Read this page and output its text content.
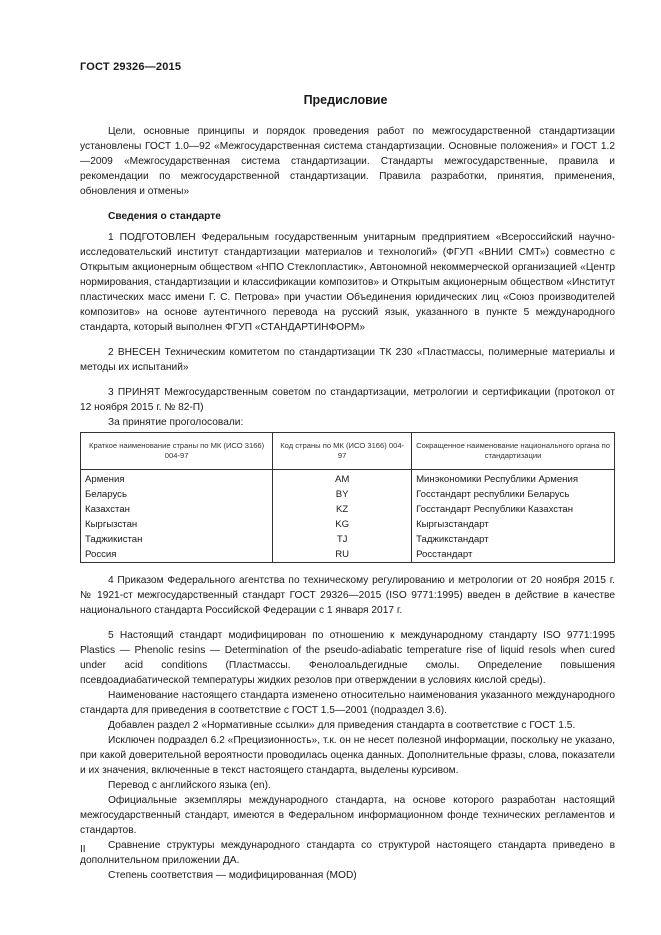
ГОСТ 29326—2015
Предисловие

Цели, основные принципы и порядок проведения работ по межгосударственной стандартизации установлены ГОСТ 1.0—92 «Межгосударственная система стандартизации. Основные положения» и ГОСТ 1.2—2009 «Межгосударственная система стандартизации. Стандарты межгосударственные, правила и рекомендации по межгосударственной стандартизации. Правила разработки, принятия, применения, обновления и отмены»

Сведения о стандарте

1 ПОДГОТОВЛЕН Федеральным государственным унитарным предприятием «Всероссийский научно-исследовательский институт стандартизации материалов и технологий» (ФГУП «ВНИИ СМТ») совместно с Открытым акционерным обществом «НПО Стеклопластик», Автономной некоммерческой организацией «Центр нормирования, стандартизации и классификации композитов» и Открытым акционерным обществом «Институт пластических масс имени Г. С. Петрова» при участии Объединения юридических лиц «Союз производителей композитов» на основе аутентичного перевода на русский язык, указанного в пункте 5 международного стандарта, который выполнен ФГУП «СТАНДАРТИНФОРМ»

2 ВНЕСЕН Техническим комитетом по стандартизации ТК 230 «Пластмассы, полимерные материалы и методы их испытаний»

3 ПРИНЯТ Межгосударственным советом по стандартизации, метрологии и сертификации (протокол от 12 ноября 2015 г. № 82-П)

За принятие проголосовали:

Краткое наименование страны по МК (ИСО 3166) 004-97	Код страны по МК (ИСО 3166) 004- 97	Сокращенное наименование национального органа по стандартизации
Армения	AM	Минэкономики Республики Армения
Беларусь	BY	Госстандарт республики Беларусь
Казахстан	KZ	Госстандарт Республики Казахстан
Кыргызстан	KG	Кыргызстандарт
Таджикистан	TJ	Таджикстандарт
Россия	RU	Росстандарт

4 Приказом Федерального агентства по техническому регулированию и метрологии от 20 ноября 2015 г. № 1921-ст межгосударственный стандарт ГОСТ 29326—2015 (ISO 9771:1995) введен в действие в качестве национального стандарта Российской Федерации с 1 января 2017 г.

5 Настоящий стандарт модифицирован по отношению к международному стандарту ISO 9771:1995 Plastics — Phenolic resins — Determination of the pseudo-adiabatic temperature rise of liquid resols when cured under acid conditions (Пластмассы. Фенолоальдегидные смолы. Определение повышения псевдоадиабатической температуры жидких резолов при отверждении в условиях кислой среды).

Наименование настоящего стандарта изменено относительно наименования указанного международного стандарта для приведения в соответствие с ГОСТ 1.5—2001 (подраздел 3.6).

Добавлен раздел 2 «Нормативные ссылки» для приведения стандарта в соответствие с ГОСТ 1.5.

Исключен подраздел 6.2 «Прецизионность», т.к. он не несет полезной информации, поскольку не указано, при какой доверительной вероятности проводилась оценка данных. Дополнительные фразы, слова, показатели и их значения, включенные в текст настоящего стандарта, выделены курсивом.

Перевод с английского языка (en).

Официальные экземпляры международного стандарта, на основе которого разработан настоящий межгосударственный стандарт, имеются в Федеральном информационном фонде технических регламентов и стандартов.

Сравнение структуры международного стандарта со структурой настоящего стандарта приведено в дополнительном приложении ДА.

Степень соответствия — модифицированная (MOD)

II
